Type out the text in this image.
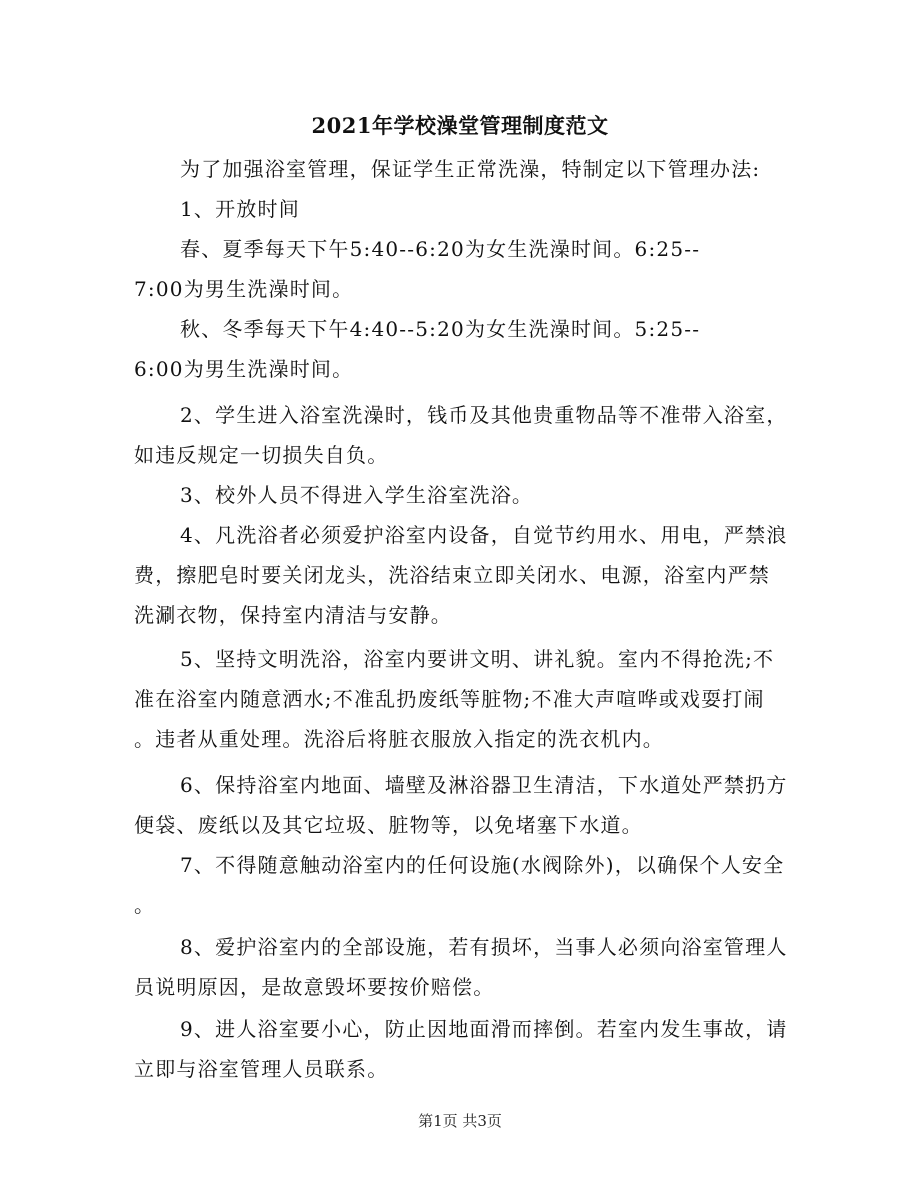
2021年学校澡堂管理制度范文
为了加强浴室管理，保证学生正常洗澡，特制定以下管理办法:
1、开放时间
春、夏季每天下午5:40--6:20为女生洗澡时间。6:25--
7:00为男生洗澡时间。
秋、冬季每天下午4:40--5:20为女生洗澡时间。5:25--
6:00为男生洗澡时间。
2、学生进入浴室洗澡时，钱币及其他贵重物品等不准带入浴室，
如违反规定一切损失自负。
3、校外人员不得进入学生浴室洗浴。
4、凡洗浴者必须爱护浴室内设备，自觉节约用水、用电，严禁浪
费，擦肥皂时要关闭龙头，洗浴结束立即关闭水、电源，浴室内严禁
洗涮衣物，保持室内清洁与安静。
5、坚持文明洗浴，浴室内要讲文明、讲礼貌。室内不得抢洗;不
准在浴室内随意洒水;不准乱扔废纸等脏物;不准大声喧哗或戏耍打闹
。违者从重处理。洗浴后将脏衣服放入指定的洗衣机内。
6、保持浴室内地面、墙壁及淋浴器卫生清洁，下水道处严禁扔方
便袋、废纸以及其它垃圾、脏物等，以免堵塞下水道。
7、不得随意触动浴室内的任何设施(水阀除外)，以确保个人安全
。
8、爱护浴室内的全部设施，若有损坏，当事人必须向浴室管理人
员说明原因，是故意毁坏要按价赔偿。
9、进人浴室要小心，防止因地面滑而摔倒。若室内发生事故，请
立即与浴室管理人员联系。
第1页 共3页
